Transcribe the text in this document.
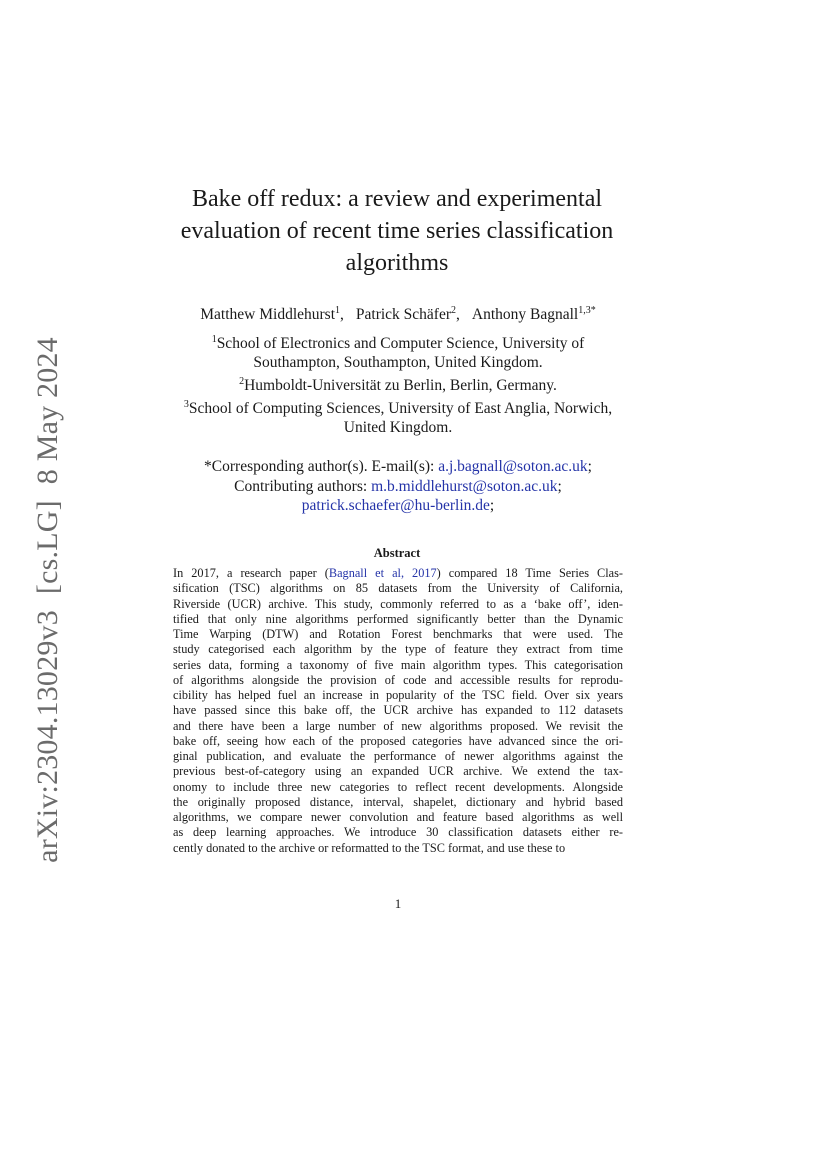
arXiv:2304.13029v3[cs.LG]8 May 2024
Bake off redux: a review and experimental
evaluation of recent time series classification
algorithms
Matthew Middlehurst$^1$, Patrick Schäfer$^2$, Anthony Bagnall$^{1,3*}$
$^1$School of Electronics and Computer Science, University of
Southampton, Southampton, United Kingdom.
$^2$Humboldt-Universität zu Berlin, Berlin, Germany.
$^3$School of Computing Sciences, University of East Anglia, Norwich,
United Kingdom.
*Corresponding author(s). E-mail(s): a.j.bagnall@soton.ac.uk;
Contributing authors: m.b.middlehurst@soton.ac.uk;
patrick.schaefer@hu-berlin.de;
Abstract
In 2017, a research paper (Bagnall et al, 2017) compared 18 Time Series Clas-
sification (TSC) algorithms on 85 datasets from the University of California,
Riverside (UCR) archive. This study, commonly referred to as a ‘bake off’, iden-
tified that only nine algorithms performed significantly better than the Dynamic
Time Warping (DTW) and Rotation Forest benchmarks that were used. The
study categorised each algorithm by the type of feature they extract from time
series data, forming a taxonomy of five main algorithm types. This categorisation
of algorithms alongside the provision of code and accessible results for reprodu-
cibility has helped fuel an increase in popularity of the TSC field. Over six years
have passed since this bake off, the UCR archive has expanded to 112 datasets
and there have been a large number of new algorithms proposed. We revisit the
bake off, seeing how each of the proposed categories have advanced since the ori-
ginal publication, and evaluate the performance of newer algorithms against the
previous best-of-category using an expanded UCR archive. We extend the tax-
onomy to include three new categories to reflect recent developments. Alongside
the originally proposed distance, interval, shapelet, dictionary and hybrid based
algorithms, we compare newer convolution and feature based algorithms as well
as deep learning approaches. We introduce 30 classification datasets either re-
cently donated to the archive or reformatted to the TSC format, and use these to
1
